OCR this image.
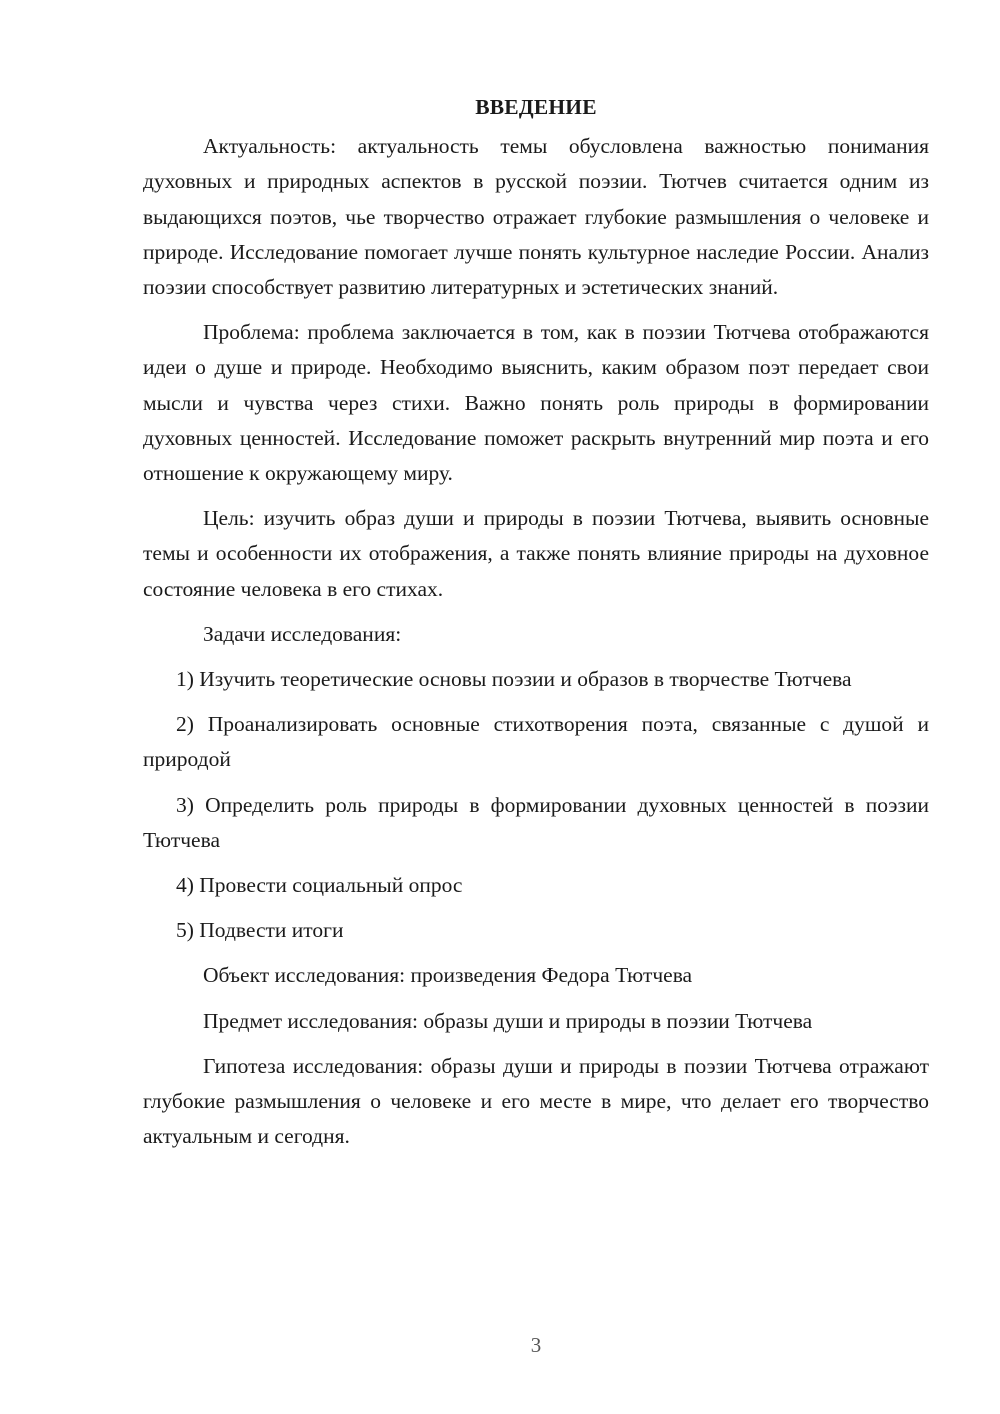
ВВЕДЕНИЕ

Актуальность: актуальность темы обусловлена важностью понимания духовных и природных аспектов в русской поэзии. Тютчев считается одним из выдающихся поэтов, чье творчество отражает глубокие размышления о человеке и природе. Исследование помогает лучше понять культурное наследие России. Анализ поэзии способствует развитию литературных и эстетических знаний.

Проблема: проблема заключается в том, как в поэзии Тютчева отображаются идеи о душе и природе. Необходимо выяснить, каким образом поэт передает свои мысли и чувства через стихи. Важно понять роль природы в формировании духовных ценностей. Исследование поможет раскрыть внутренний мир поэта и его отношение к окружающему миру.

Цель: изучить образ души и природы в поэзии Тютчева, выявить основные темы и особенности их отображения, а также понять влияние природы на духовное состояние человека в его стихах.

Задачи исследования:

1) Изучить теоретические основы поэзии и образов в творчестве Тютчева

2) Проанализировать основные стихотворения поэта, связанные с душой и природой

3) Определить роль природы в формировании духовных ценностей в поэзии Тютчева

4) Провести социальный опрос

5) Подвести итоги

Объект исследования: произведения Федора Тютчева

Предмет исследования: образы души и природы в поэзии Тютчева

Гипотеза исследования: образы души и природы в поэзии Тютчева отражают глубокие размышления о человеке и его месте в мире, что делает его творчество актуальным и сегодня.

3
